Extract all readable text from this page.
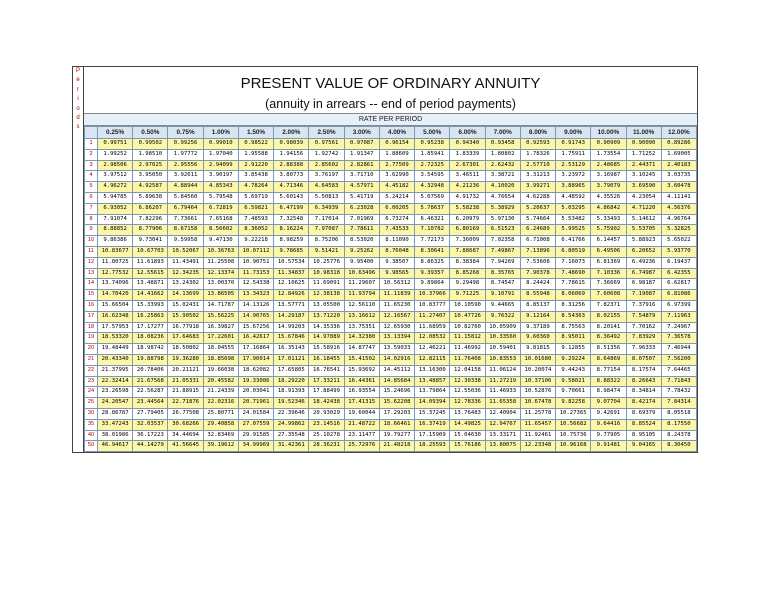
P
e
r
i
o
d
s
PRESENT VALUE OF ORDINARY ANNUITY
(annuity in arrears -- end of period payments)
RATE PER PERIOD
	0.25%	0.50%	0.75%	1.00%	1.50%	2.00%	2.50%	3.00%	4.00%	5.00%	6.00%	7.00%	8.00%	9.00%	10.00%	11.00%	12.00%
1	0.99751	0.99502	0.99256	0.99010	0.98522	0.98039	0.97561	0.97087	0.96154	0.95238	0.94340	0.93458	0.92593	0.91743	0.90909	0.90090	0.89286
2	1.99252	1.98510	1.97772	1.97040	1.95588	1.94156	1.92742	1.91347	1.88609	1.85941	1.83339	1.80802	1.78326	1.75911	1.73554	1.71252	1.69005
3	2.98506	2.97025	2.95556	2.94099	2.91220	2.88388	2.85602	2.82861	2.77509	2.72325	2.67301	2.62432	2.57710	2.53129	2.48685	2.44371	2.40183
4	3.97512	3.95050	3.92611	3.90197	3.85438	3.80773	3.76197	3.71710	3.62990	3.54595	3.46511	3.38721	3.31213	3.23972	3.16987	3.10245	3.03735
5	4.96272	4.92587	4.88944	4.85343	4.78264	4.71346	4.64583	4.57971	4.45182	4.32948	4.21236	4.10020	3.99271	3.88965	3.79079	3.69590	3.60478
6	5.94785	5.89638	5.84560	5.79548	5.69719	5.60143	5.50813	5.41719	5.24214	5.07569	4.91732	4.76654	4.62288	4.48592	4.35526	4.23054	4.11141
7	6.93052	6.86207	6.79464	6.72819	6.59821	6.47199	6.34939	6.23028	6.00205	5.78637	5.58238	5.38929	5.20637	5.03295	4.86842	4.71220	4.56376
8	7.91074	7.82296	7.73661	7.65168	7.48593	7.32548	7.17014	7.01969	6.73274	6.46321	6.20979	5.97130	5.74664	5.53482	5.33493	5.14612	4.96764
9	8.88852	8.77906	8.67158	8.56602	8.36052	8.16224	7.97087	7.78611	7.43533	7.10782	6.80169	6.51523	6.24689	5.99525	5.75902	5.53705	5.32825
10	9.86386	9.73041	9.59958	9.47130	9.22218	8.98259	8.75206	8.53020	8.11090	7.72173	7.36009	7.02358	6.71008	6.41766	6.14457	5.88923	5.65022
11	10.83677	10.67703	10.52067	10.36763	10.07112	9.78685	9.51421	9.25262	8.76048	8.30641	7.88687	7.49867	7.13896	6.80519	6.49506	6.20652	5.93770
12	11.80725	11.61893	11.43491	11.25508	10.90751	10.57534	10.25776	9.95400	9.38507	8.86325	8.38384	7.94269	7.53608	7.16073	6.81369	6.49236	6.19437
13	12.77532	12.55615	12.34235	12.13374	11.73153	11.34837	10.98318	10.63496	9.98565	9.39357	8.85268	8.35765	7.90378	7.48690	7.10336	6.74987	6.42355
14	13.74096	13.48871	13.24302	13.00370	12.54338	12.10625	11.69091	11.29607	10.56312	9.89864	9.29498	8.74547	8.24424	7.78615	7.36669	6.98187	6.62817
15	14.70420	14.41662	14.13699	13.86505	13.34323	12.84926	12.38138	11.93794	11.11839	10.37966	9.71225	9.10791	8.55948	8.06069	7.60608	7.19087	6.81086
16	15.66504	15.33993	15.02431	14.71787	14.13126	13.57771	13.05500	12.56110	11.65230	10.83777	10.10590	9.44665	8.85137	8.31256	7.82371	7.37916	6.97399
17	16.62348	16.25863	15.90502	15.56225	14.90765	14.29187	13.71220	13.16612	12.16567	11.27407	10.47726	9.76322	9.12164	8.54363	8.02155	7.54879	7.11963
18	17.57953	17.17277	16.77918	16.39827	15.67256	14.99203	14.35336	13.75351	12.65930	11.68959	10.82760	10.05909	9.37189	8.75563	8.20141	7.70162	7.24967
19	18.53320	18.08236	17.64683	17.22601	16.42617	15.67846	14.97889	14.32380	13.13394	12.08532	11.15812	10.33560	9.60360	8.95011	8.36492	7.83929	7.36578
20	19.48449	18.98742	18.50802	18.04555	17.16864	16.35143	15.58916	14.87747	13.59033	12.46221	11.46992	10.59401	9.81815	9.12855	8.51356	7.96333	7.46944
21	20.43340	19.88798	19.36280	18.85698	17.90014	17.01121	16.18455	15.41502	14.02916	12.82115	11.76408	10.83553	10.01680	9.29224	8.64869	8.07507	7.56200
22	21.37995	20.78406	20.21121	19.66038	18.62082	17.65805	16.76541	15.93692	14.45112	13.16300	12.04158	11.06124	10.20074	9.44243	8.77154	8.17574	7.64465
23	22.32414	21.67568	21.05331	20.45582	19.33086	18.29220	17.33211	16.44361	14.85684	13.48857	12.30338	11.27219	10.37106	9.58021	8.88322	8.26643	7.71843
24	23.26598	22.56287	21.88915	21.24339	20.03041	18.91393	17.88499	16.93554	15.24696	13.79864	12.55036	11.46933	10.52876	9.70661	8.98474	8.34814	7.78432
25	24.20547	23.44564	22.71876	22.02316	20.71961	19.52346	18.42438	17.41315	15.62208	14.09394	12.78336	11.65358	10.67478	9.82258	9.07704	8.42174	7.84314
30	28.86787	27.79405	26.77508	25.80771	24.01584	22.39646	20.93029	19.60044	17.29203	15.37245	13.76483	12.40904	11.25778	10.27365	9.42691	8.69379	8.05518
35	33.47243	32.03537	30.68266	29.40858	27.07559	24.99862	23.14516	21.48722	18.66461	16.37419	14.49825	12.94767	11.65457	10.56682	9.64416	8.85524	8.17550
40	38.01986	36.17223	34.44694	32.83469	29.91585	27.35548	25.10278	23.11477	19.79277	17.15909	15.04630	13.33171	11.92461	10.75736	9.77905	8.95105	8.24378
50	46.94617	44.14279	41.56645	39.19612	34.99969	31.42361	28.36231	25.72976	21.48218	18.25593	15.76186	13.80075	12.23348	10.96168	9.91481	9.04165	8.30450
